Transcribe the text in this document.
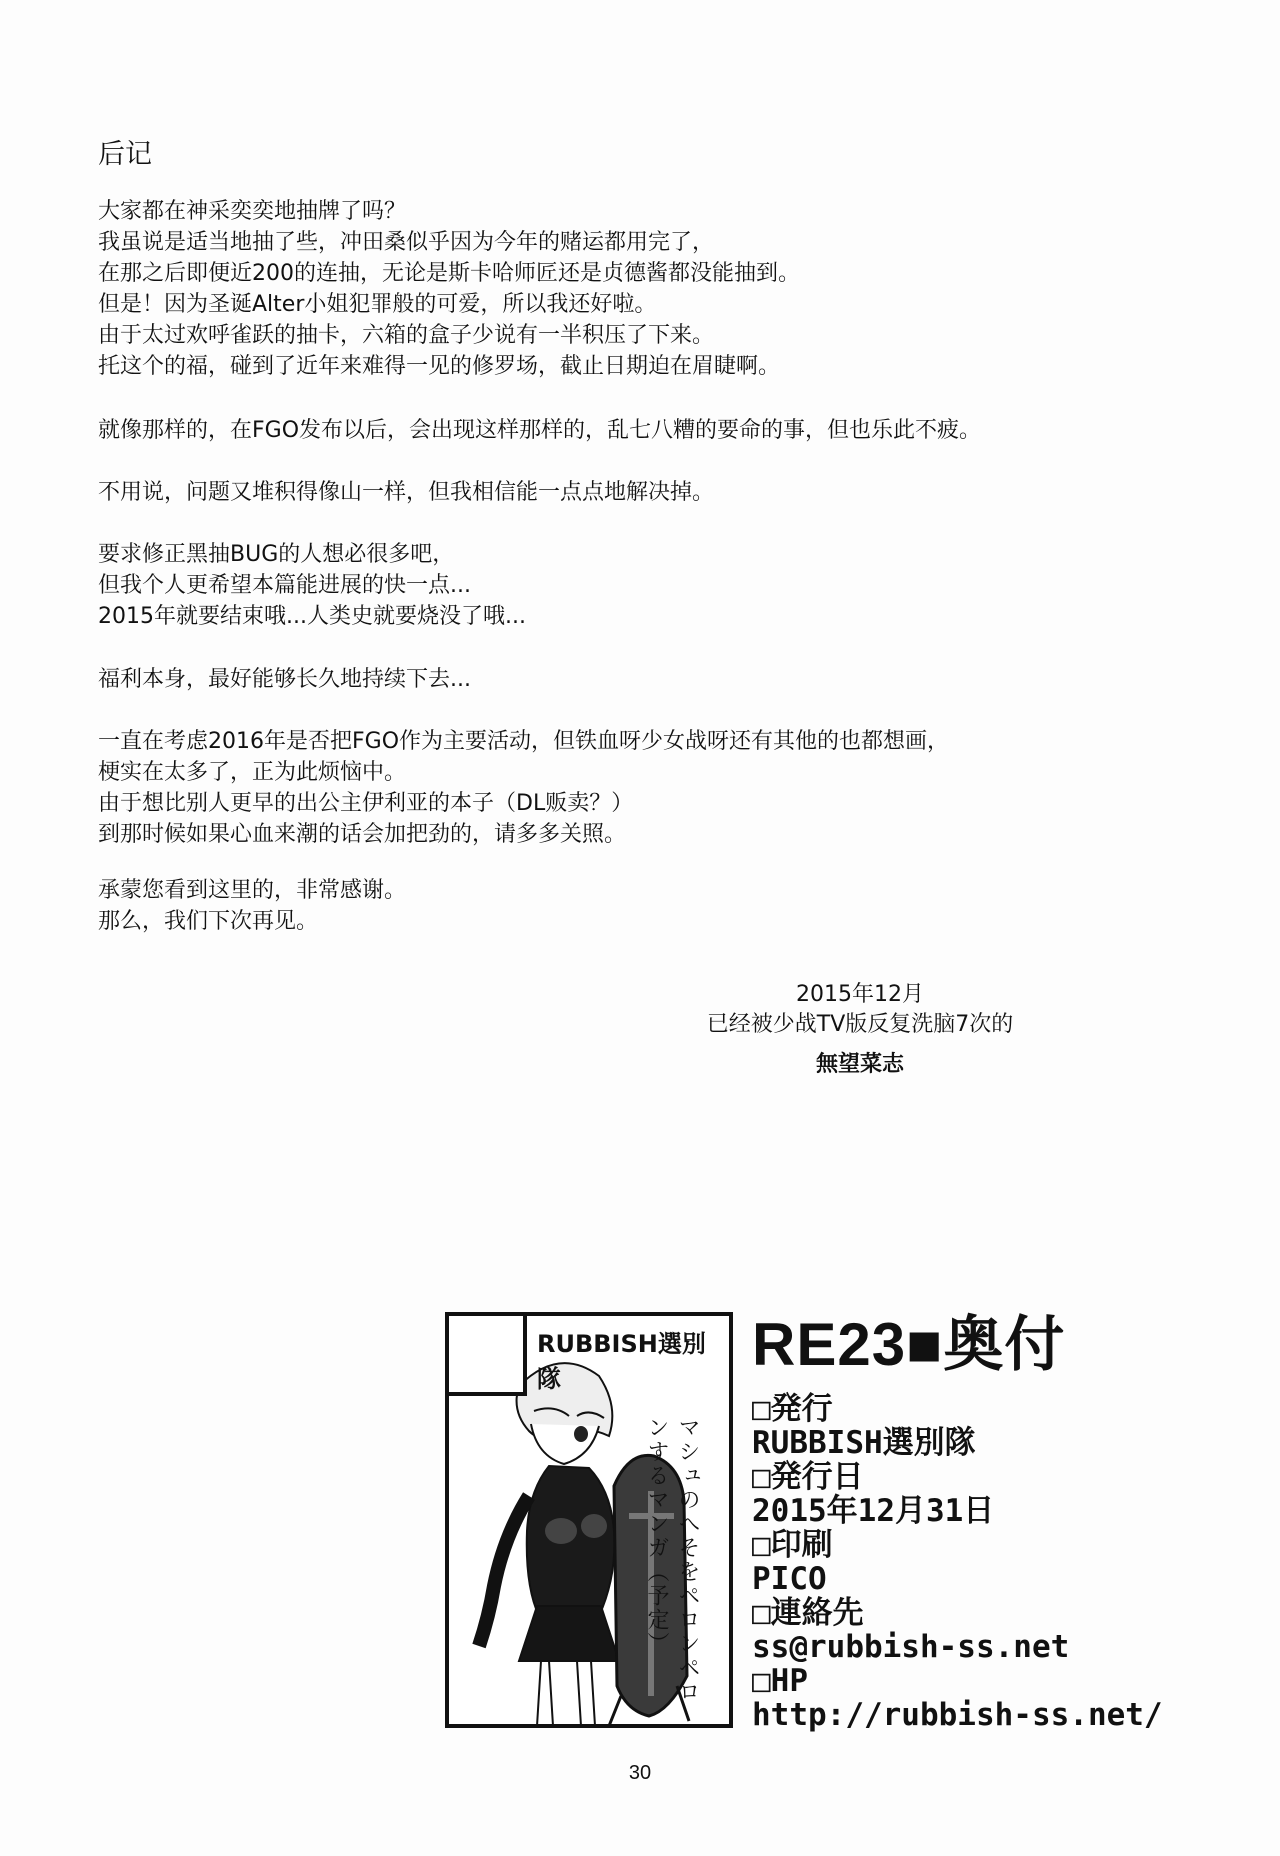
后记

大家都在神采奕奕地抽牌了吗？
我虽说是适当地抽了些，冲田桑似乎因为今年的赌运都用完了，
在那之后即便近200的连抽，无论是斯卡哈师匠还是贞德酱都没能抽到。
但是！因为圣诞Alter小姐犯罪般的可爱，所以我还好啦。
由于太过欢呼雀跃的抽卡，六箱的盒子少说有一半积压了下来。
托这个的福，碰到了近年来难得一见的修罗场，截止日期迫在眉睫啊。

就像那样的，在FGO发布以后，会出现这样那样的，乱七八糟的要命的事，但也乐此不疲。

不用说，问题又堆积得像山一样，但我相信能一点点地解决掉。

要求修正黑抽BUG的人想必很多吧，
但我个人更希望本篇能进展的快一点...
2015年就要结束哦...人类史就要烧没了哦...

福利本身，最好能够长久地持续下去...

一直在考虑2016年是否把FGO作为主要活动，但铁血呀少女战呀还有其他的也都想画，
梗实在太多了，正为此烦恼中。
由于想比别人更早的出公主伊利亚的本子（DL贩卖？）
到那时候如果心血来潮的话会加把劲的，请多多关照。

承蒙您看到这里的，非常感谢。
那么，我们下次再见。

2015年12月
已经被少战TV版反复洗脑7次的
無望菜志
RUBBISH選別隊
マシュのへそをペロンペロンするマンガ（予定）
RE23■奥付
□発行
RUBBISH選別隊
□発行日
2015年12月31日
□印刷
PICO
□連絡先
ss@rubbish-ss.net
□HP
http://rubbish-ss.net/
30
